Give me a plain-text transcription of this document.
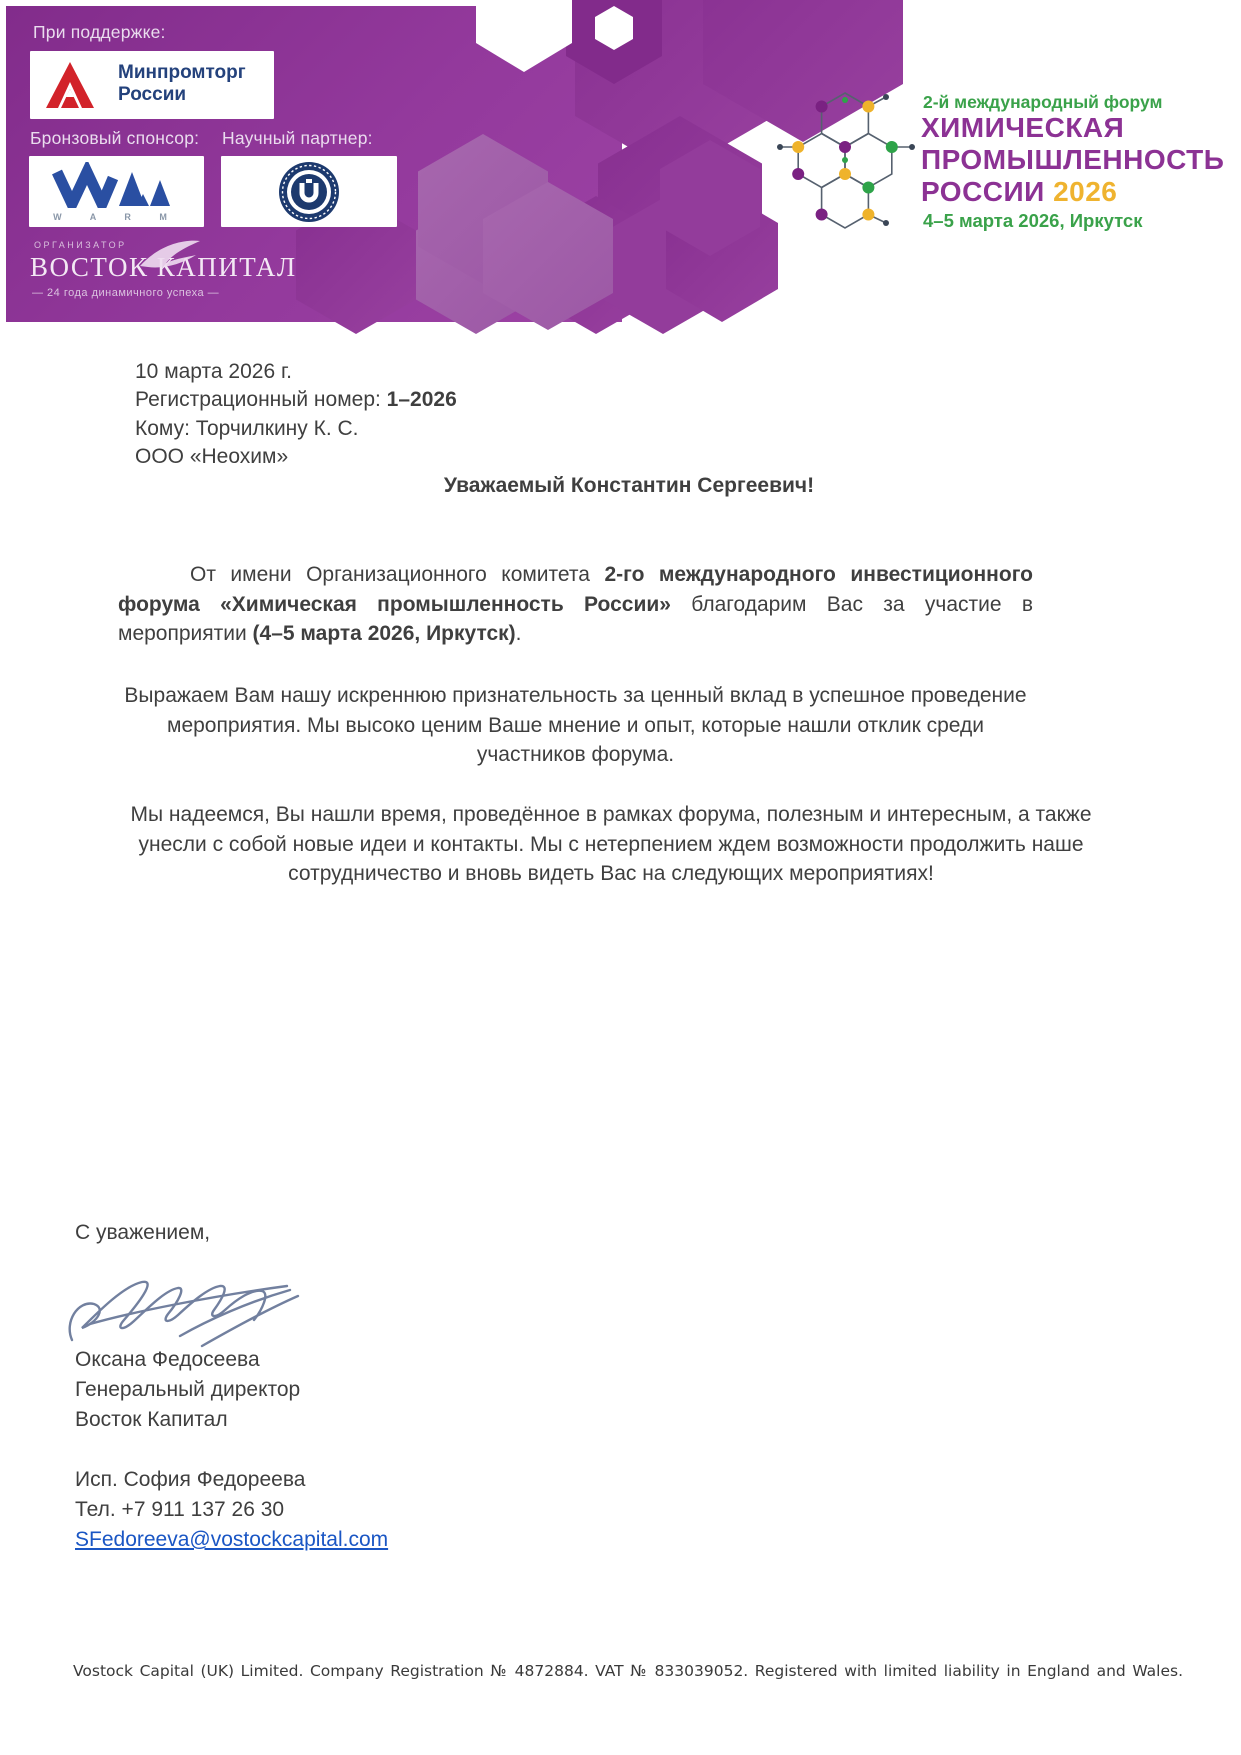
При поддержке:
Минпромторг
России
Бронзовый спонсор: Научный партнер:
W A R M
ОРГАНИЗАТОР
ВОСТОК КАПИТАЛ
— 24 года динамичного успеха —
2-й международный форум
ХИМИЧЕСКАЯ
ПРОМЫШЛЕННОСТЬ
РОССИИ 2026
4–5 марта 2026, Иркутск
10 марта 2026 г.
Регистрационный номер: 1–2026
Кому: Торчилкину К. С.
ООО «Неохим»
Уважаемый Константин Сергеевич!
От имени Организационного комитета 2-го международного инвестиционного форума «Химическая промышленность России» благодарим Вас за участие в мероприятии (4–5 марта 2026, Иркутск).
Выражаем Вам нашу искреннюю признательность за ценный вклад в успешное проведение мероприятия. Мы высоко ценим Ваше мнение и опыт, которые нашли отклик среди участников форума.
Мы надеемся, Вы нашли время, проведённое в рамках форума, полезным и интересным, а также унесли с собой новые идеи и контакты. Мы с нетерпением ждем возможности продолжить наше сотрудничество и вновь видеть Вас на следующих мероприятиях!
С уважением,
Оксана Федосеева
Генеральный директор
Восток Капитал
Исп. София Федореева
Тел. +7 911 137 26 30
SFedoreeva@vostockcapital.com
Vostock Capital (UK) Limited. Company Registration № 4872884. VAT № 833039052. Registered with limited liability in England and Wales.
